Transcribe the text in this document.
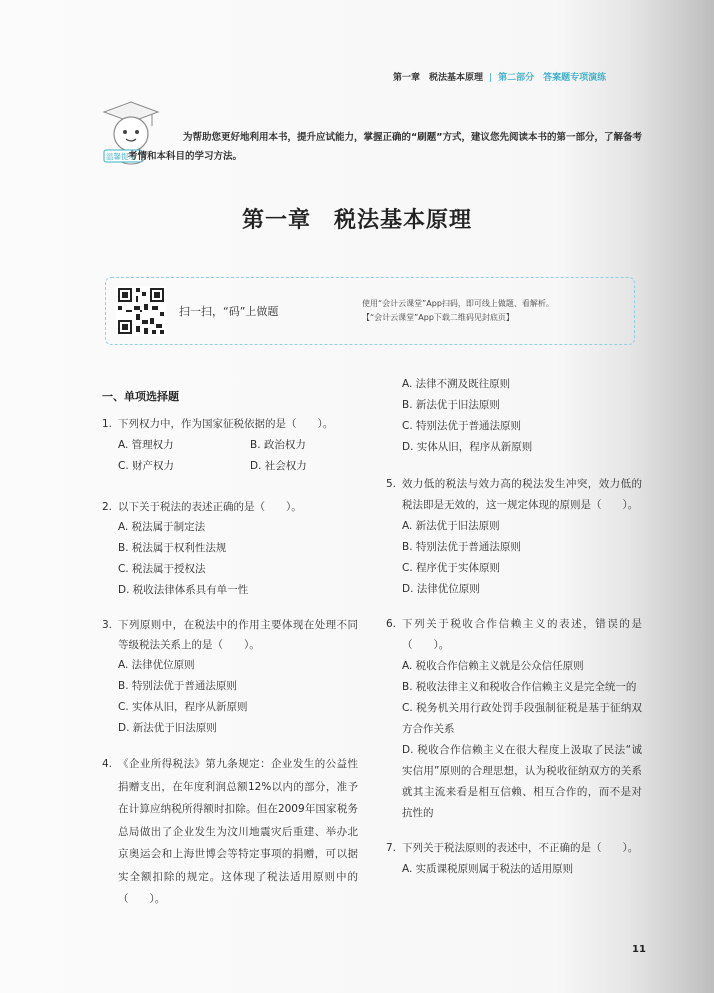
第一章　税法基本原理 | 第二部分　答案题专项演练
温馨提示
为帮助您更好地利用本书，提升应试能力，掌握正确的“刷题”方式，建议您先阅读本书的第一部分，了解备考考情和本科目的学习方法。
第一章　税法基本原理
扫一扫，“码”上做题
使用“会计云课堂”App扫码，即可线上做题、看解析。
【“会计云课堂”App下载二维码见封底页】
一、单项选择题
1. 下列权力中，作为国家征税依据的是（　　）。
A. 管理权力	B. 政治权力
C. 财产权力	D. 社会权力
2. 以下关于税法的表述正确的是（　　）。
A. 税法属于制定法
B. 税法属于权利性法规
C. 税法属于授权法
D. 税收法律体系具有单一性
3. 下列原则中，在税法中的作用主要体现在处理不同等级税法关系上的是（　　）。
A. 法律优位原则
B. 特别法优于普通法原则
C. 实体从旧，程序从新原则
D. 新法优于旧法原则
4. 《企业所得税法》第九条规定：企业发生的公益性捐赠支出，在年度利润总额12%以内的部分，准予在计算应纳税所得额时扣除。但在2009年国家税务总局做出了企业发生为汶川地震灾后重建、举办北京奥运会和上海世博会等特定事项的捐赠，可以据实全额扣除的规定。这体现了税法适用原则中的（　　）。
A. 法律不溯及既往原则
B. 新法优于旧法原则
C. 特别法优于普通法原则
D. 实体从旧，程序从新原则
5. 效力低的税法与效力高的税法发生冲突，效力低的税法即是无效的，这一规定体现的原则是（　　）。
A. 新法优于旧法原则
B. 特别法优于普通法原则
C. 程序优于实体原则
D. 法律优位原则
6. 下列关于税收合作信赖主义的表述，错误的是（　　）。
A. 税收合作信赖主义就是公众信任原则
B. 税收法律主义和税收合作信赖主义是完全统一的
C. 税务机关用行政处罚手段强制征税是基于征纳双方合作关系
D. 税收合作信赖主义在很大程度上汲取了民法“诚实信用”原则的合理思想，认为税收征纳双方的关系就其主流来看是相互信赖、相互合作的，而不是对抗性的
7. 下列关于税法原则的表述中，不正确的是（　　）。
A. 实质课税原则属于税法的适用原则
11
